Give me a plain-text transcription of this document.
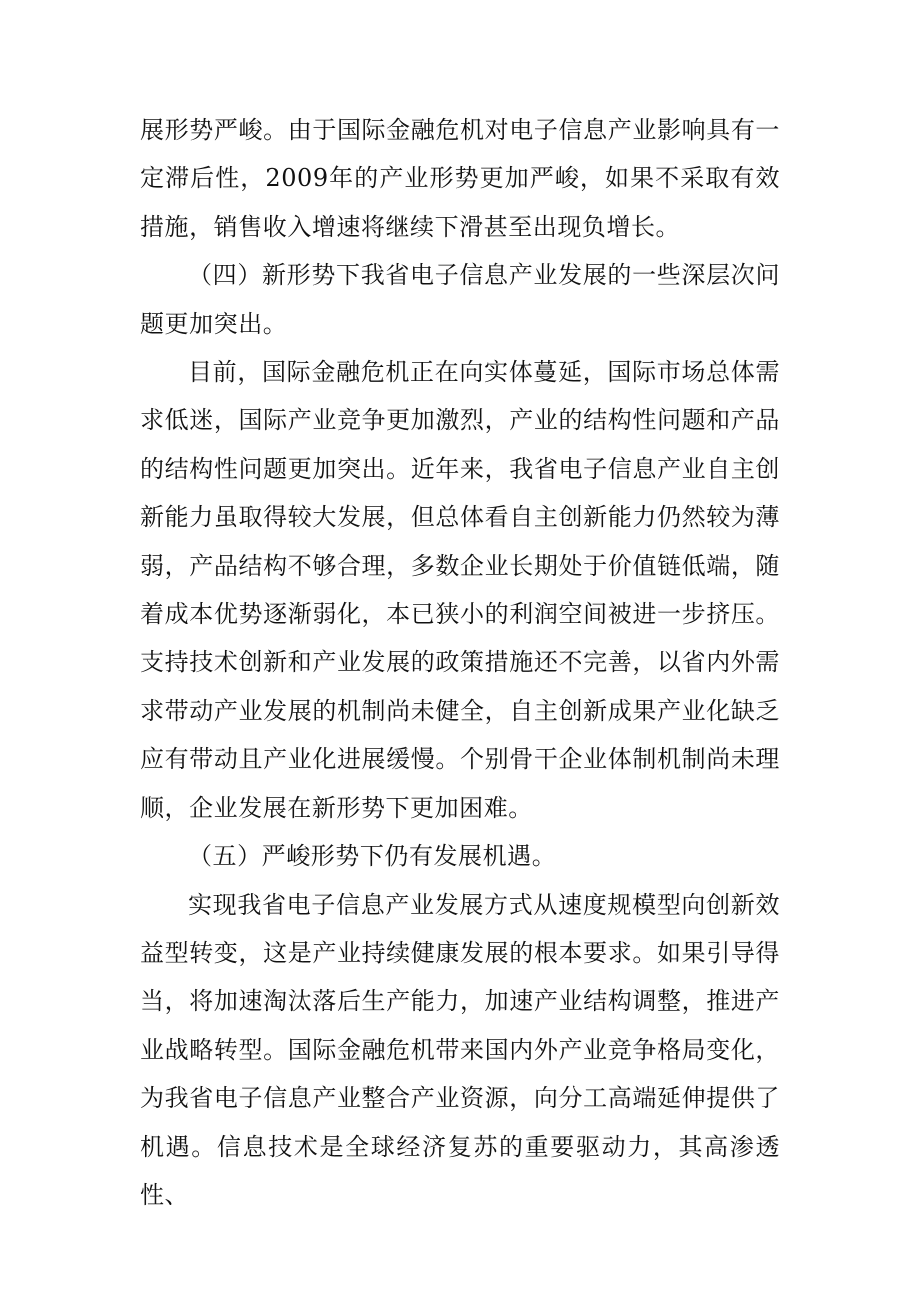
展形势严峻。由于国际金融危机对电子信息产业影响具有一定滞后性，2009年的产业形势更加严峻，如果不采取有效措施，销售收入增速将继续下滑甚至出现负增长。

（四）新形势下我省电子信息产业发展的一些深层次问题更加突出。

目前，国际金融危机正在向实体蔓延，国际市场总体需求低迷，国际产业竞争更加激烈，产业的结构性问题和产品的结构性问题更加突出。近年来，我省电子信息产业自主创新能力虽取得较大发展，但总体看自主创新能力仍然较为薄弱，产品结构不够合理，多数企业长期处于价值链低端，随着成本优势逐渐弱化，本已狭小的利润空间被进一步挤压。支持技术创新和产业发展的政策措施还不完善，以省内外需求带动产业发展的机制尚未健全，自主创新成果产业化缺乏应有带动且产业化进展缓慢。个别骨干企业体制机制尚未理顺，企业发展在新形势下更加困难。

（五）严峻形势下仍有发展机遇。

实现我省电子信息产业发展方式从速度规模型向创新效益型转变，这是产业持续健康发展的根本要求。如果引导得当，将加速淘汰落后生产能力，加速产业结构调整，推进产业战略转型。国际金融危机带来国内外产业竞争格局变化，为我省电子信息产业整合产业资源，向分工高端延伸提供了机遇。信息技术是全球经济复苏的重要驱动力，其高渗透性、
